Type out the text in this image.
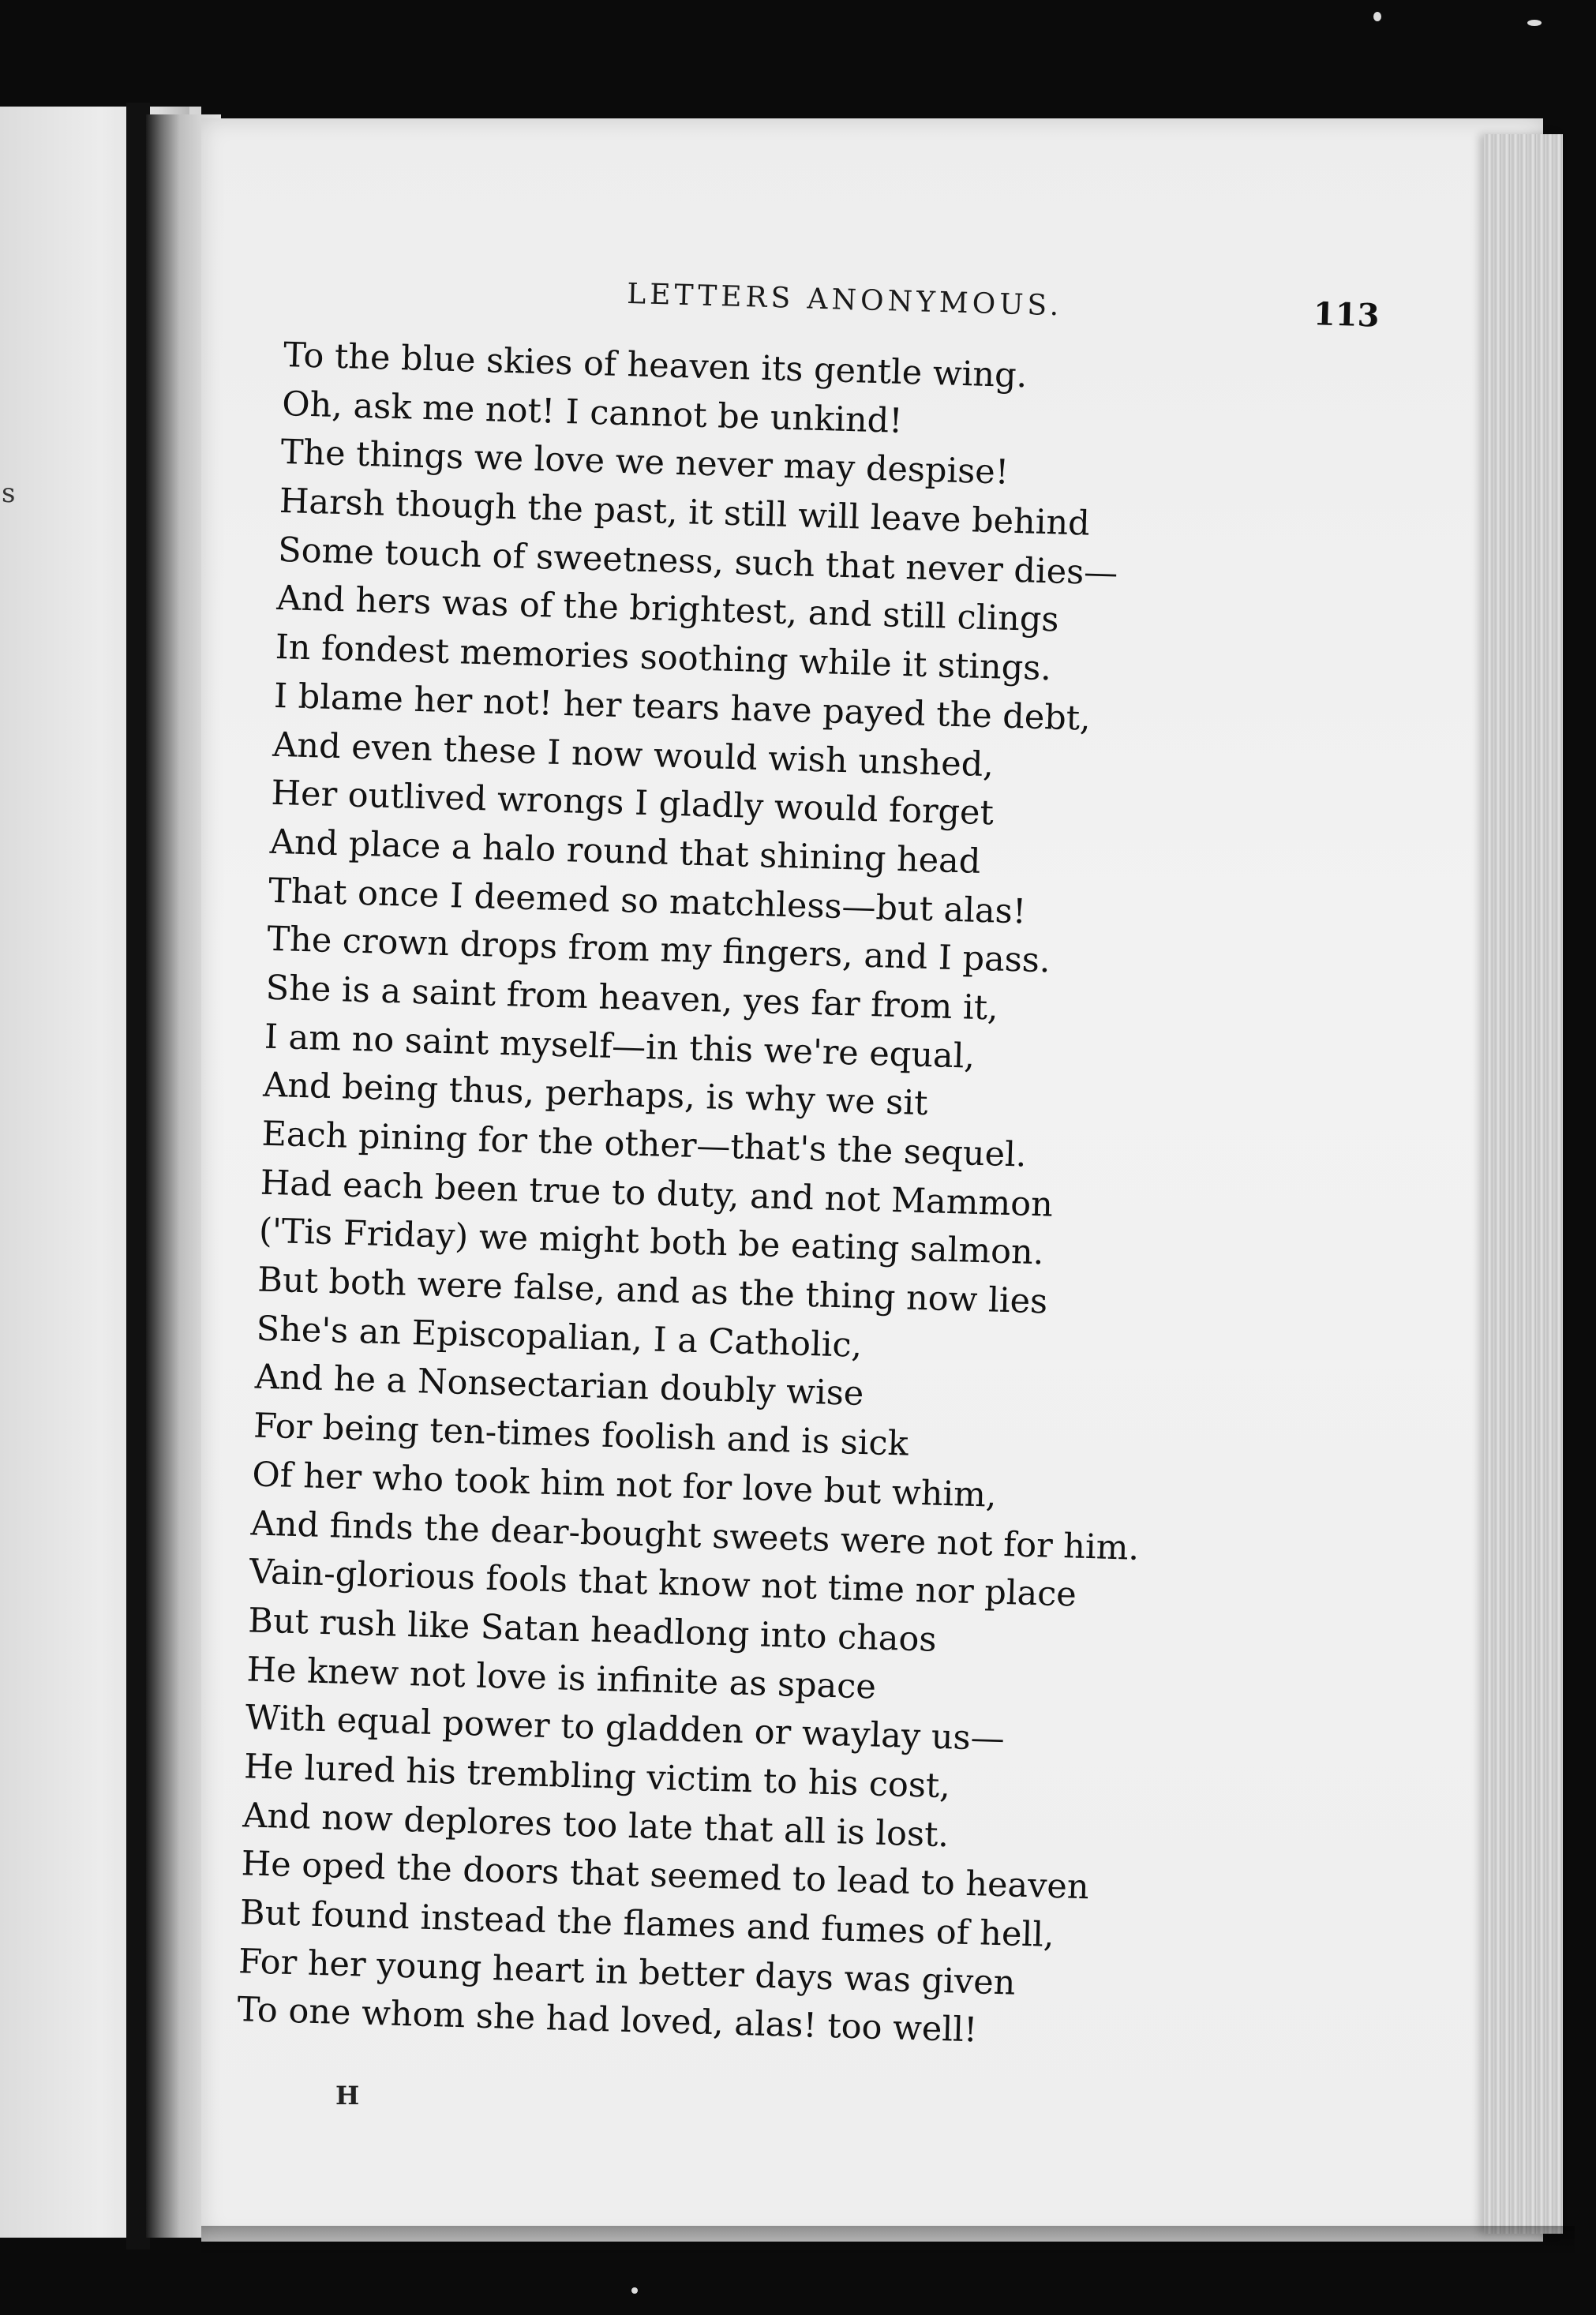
s
LETTERS ANONYMOUS.	113
To the blue skies of heaven its gentle wing.
Oh, ask me not! I cannot be unkind!
The things we love we never may despise!
Harsh though the past, it still will leave behind
Some touch of sweetness, such that never dies—
And hers was of the brightest, and still clings
In fondest memories soothing while it stings.
I blame her not! her tears have payed the debt,
And even these I now would wish unshed,
Her outlived wrongs I gladly would forget
And place a halo round that shining head
That once I deemed so matchless—but alas!
The crown drops from my fingers, and I pass.
She is a saint from heaven, yes far from it,
I am no saint myself—in this we're equal,
And being thus, perhaps, is why we sit
Each pining for the other—that's the sequel.
Had each been true to duty, and not Mammon
('Tis Friday) we might both be eating salmon.
But both were false, and as the thing now lies
She's an Episcopalian, I a Catholic,
And he a Nonsectarian doubly wise
For being ten-times foolish and is sick
Of her who took him not for love but whim,
And finds the dear-bought sweets were not for him.
Vain-glorious fools that know not time nor place
But rush like Satan headlong into chaos
He knew not love is infinite as space
With equal power to gladden or waylay us—
He lured his trembling victim to his cost,
And now deplores too late that all is lost.
He oped the doors that seemed to lead to heaven
But found instead the flames and fumes of hell,
For her young heart in better days was given
To one whom she had loved, alas! too well!
H
